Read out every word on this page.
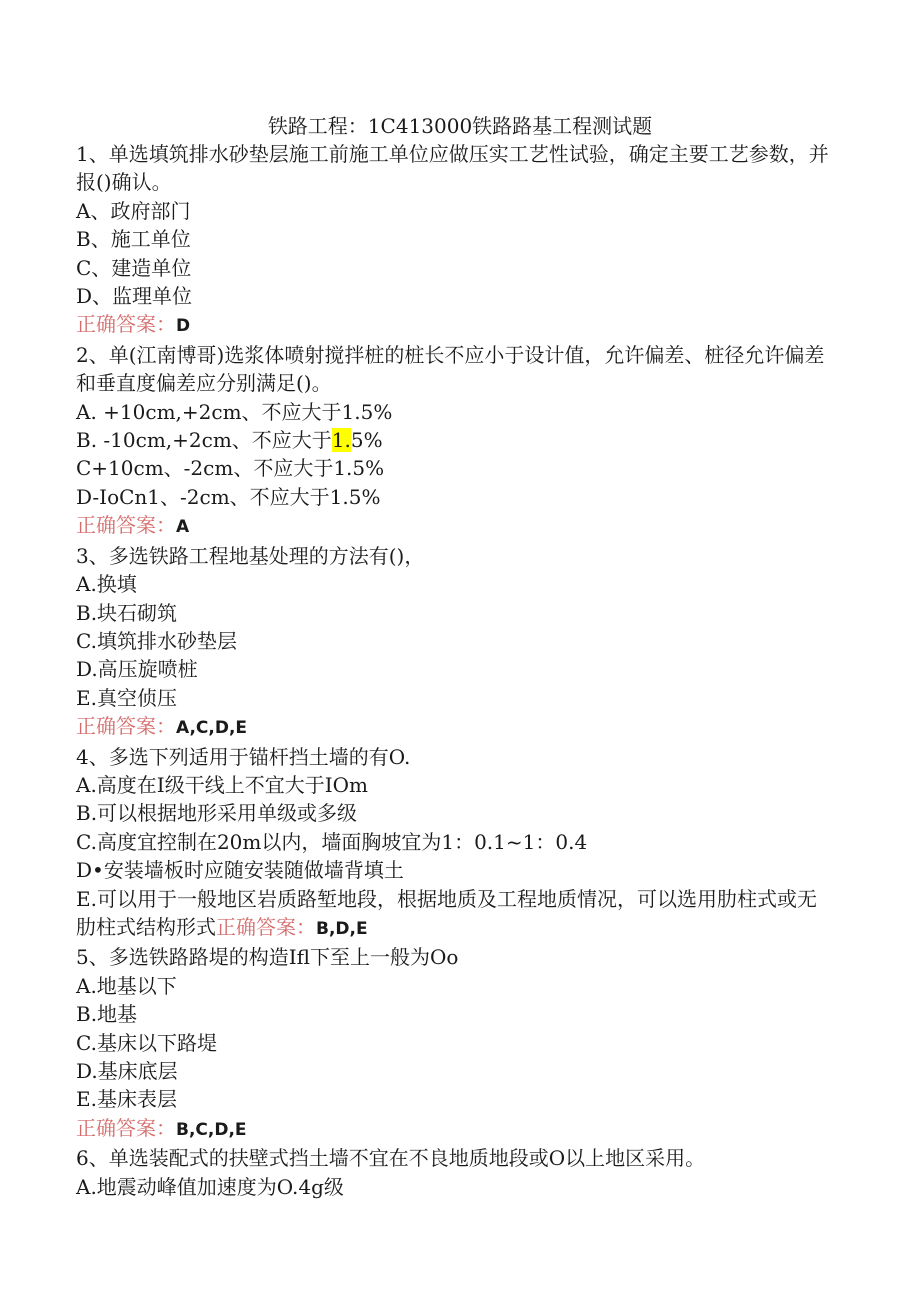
铁路工程：1C413000铁路路基工程测试题
1、单选填筑排水砂垫层施工前施工单位应做压实工艺性试验，确定主要工艺参数，并报()确认。
A、政府部门
B、施工单位
C、建造单位
D、监理单位
正确答案：D
2、单(江南博哥)选浆体喷射搅拌桩的桩长不应小于设计值，允许偏差、桩径允许偏差和垂直度偏差应分别满足()。
A. +10cm,+2cm、不应大于1.5%
B. -10cm,+2cm、不应大于1.5%
C+10cm、-2cm、不应大于1.5%
D-IoCn1、-2cm、不应大于1.5%
正确答案：A
3、多选铁路工程地基处理的方法有()，
A.换填
B.块石砌筑
C.填筑排水砂垫层
D.高压旋喷桩
E.真空侦压
正确答案：A,C,D,E
4、多选下列适用于锚杆挡土墙的有O.
A.高度在I级干线上不宜大于IOm
B.可以根据地形采用单级或多级
C.高度宜控制在20m以内，墙面胸坡宜为1：0.1~1：0.4
D•安装墙板时应随安装随做墙背填土
E.可以用于一般地区岩质路堑地段，根据地质及工程地质情况，可以选用肋柱式或无肋柱式结构形式正确答案：B,D,E
5、多选铁路路堤的构造Ifl下至上一般为Oo
A.地基以下
B.地基
C.基床以下路堤
D.基床底层
E.基床表层
正确答案：B,C,D,E
6、单选装配式的扶壁式挡土墙不宜在不良地质地段或O以上地区采用。
A.地震动峰值加速度为O.4g级
